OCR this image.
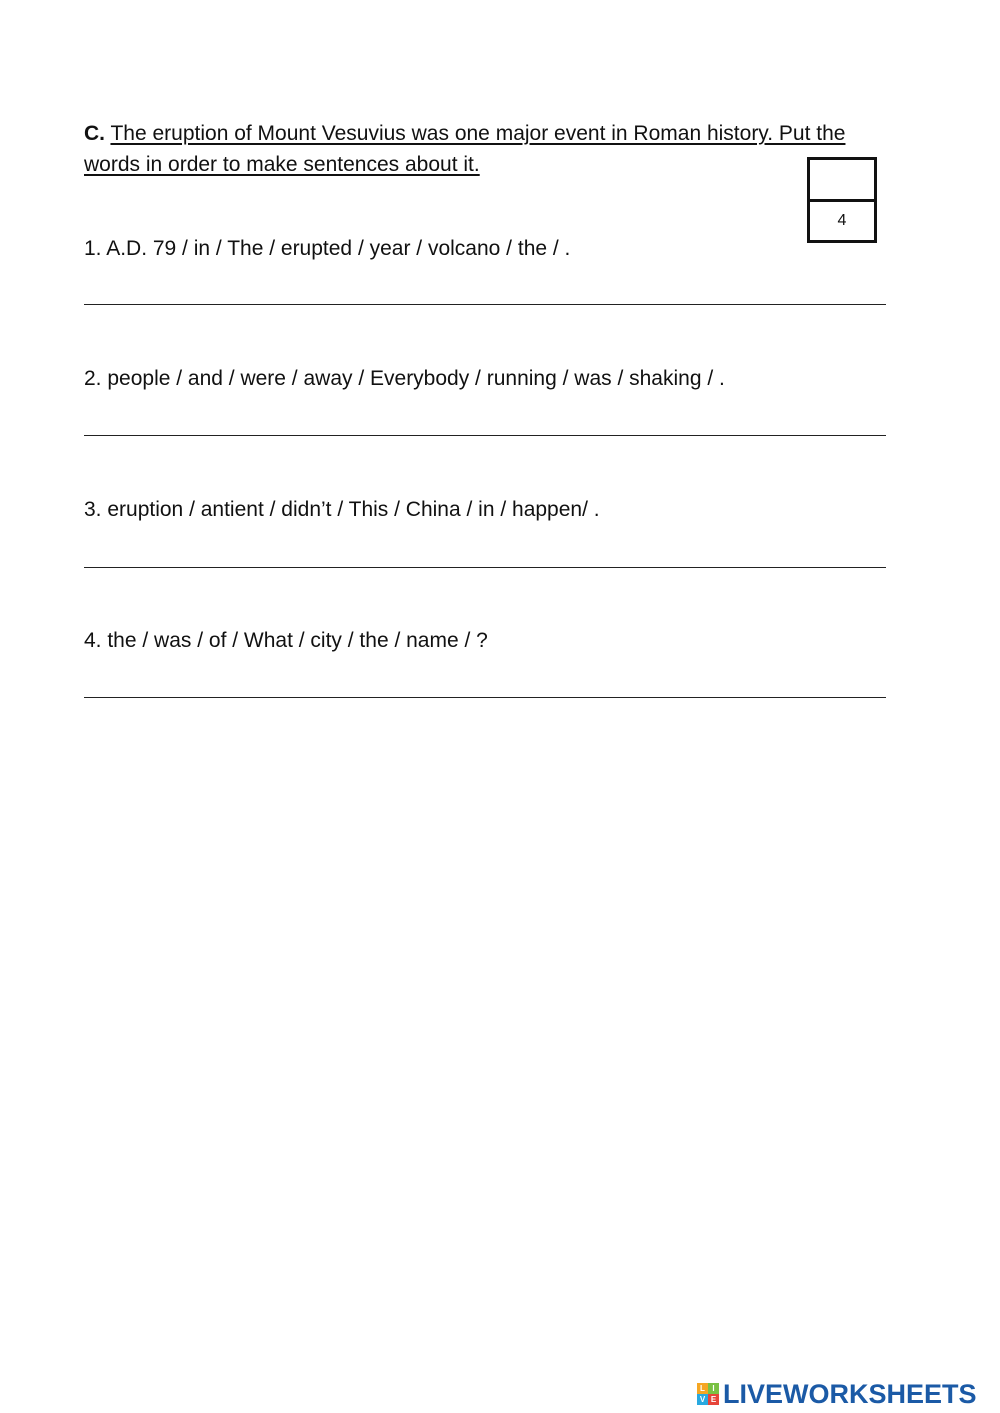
C. The eruption of Mount Vesuvius was one major event in Roman history. Put the
words in order to make sentences about it.
4
1. A.D. 79 / in / The / erupted / year / volcano / the / .
2. people / and / were / away / Everybody / running / was / shaking / .
3. eruption / antient / didn’t / This / China / in / happen/ .
4. the / was / of / What / city / the / name / ?
L I
V E LIVEWORKSHEETS
